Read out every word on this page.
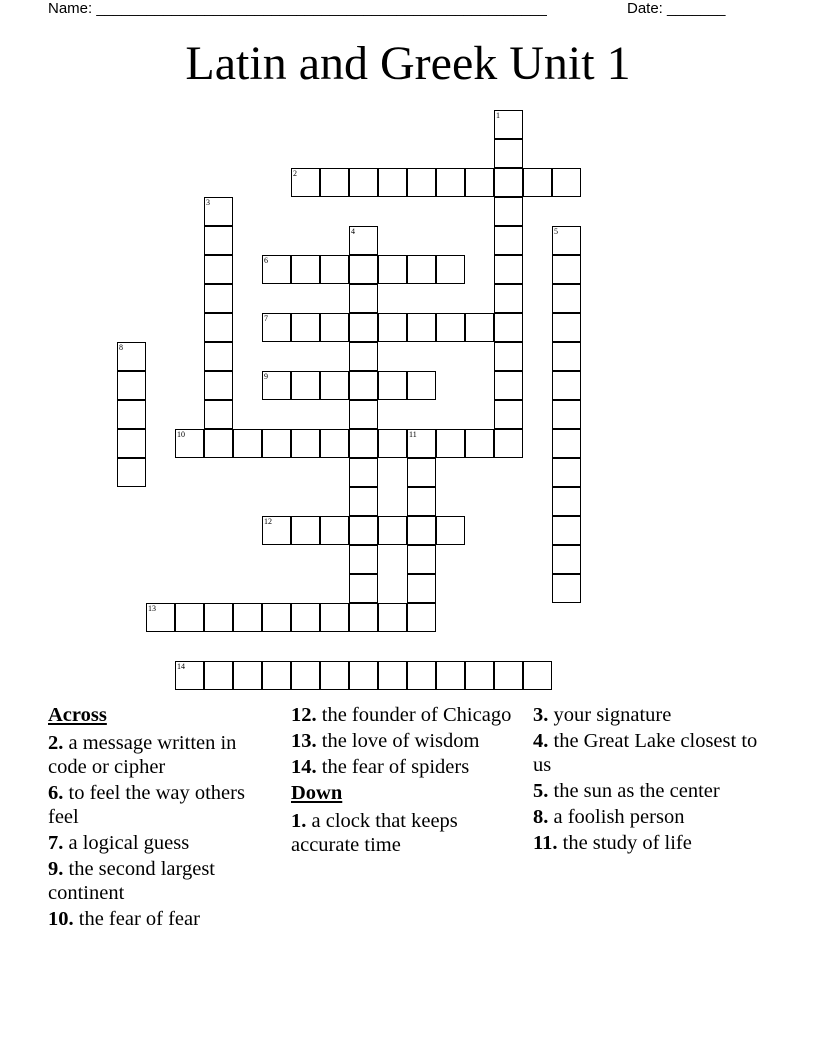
Name: ______________________________________________________	Date: _______
Latin and Greek Unit 1
1
2
3
4	5
6
7
8
9
10	11
12
13
14
Across
2. a message written in code or cipher
6. to feel the way others feel
7. a logical guess
9. the second largest continent
10. the fear of fear
12. the founder of Chicago
13. the love of wisdom
14. the fear of spiders
Down
1. a clock that keeps accurate time
3. your signature
4. the Great Lake closest to us
5. the sun as the center
8. a foolish person
11. the study of life
